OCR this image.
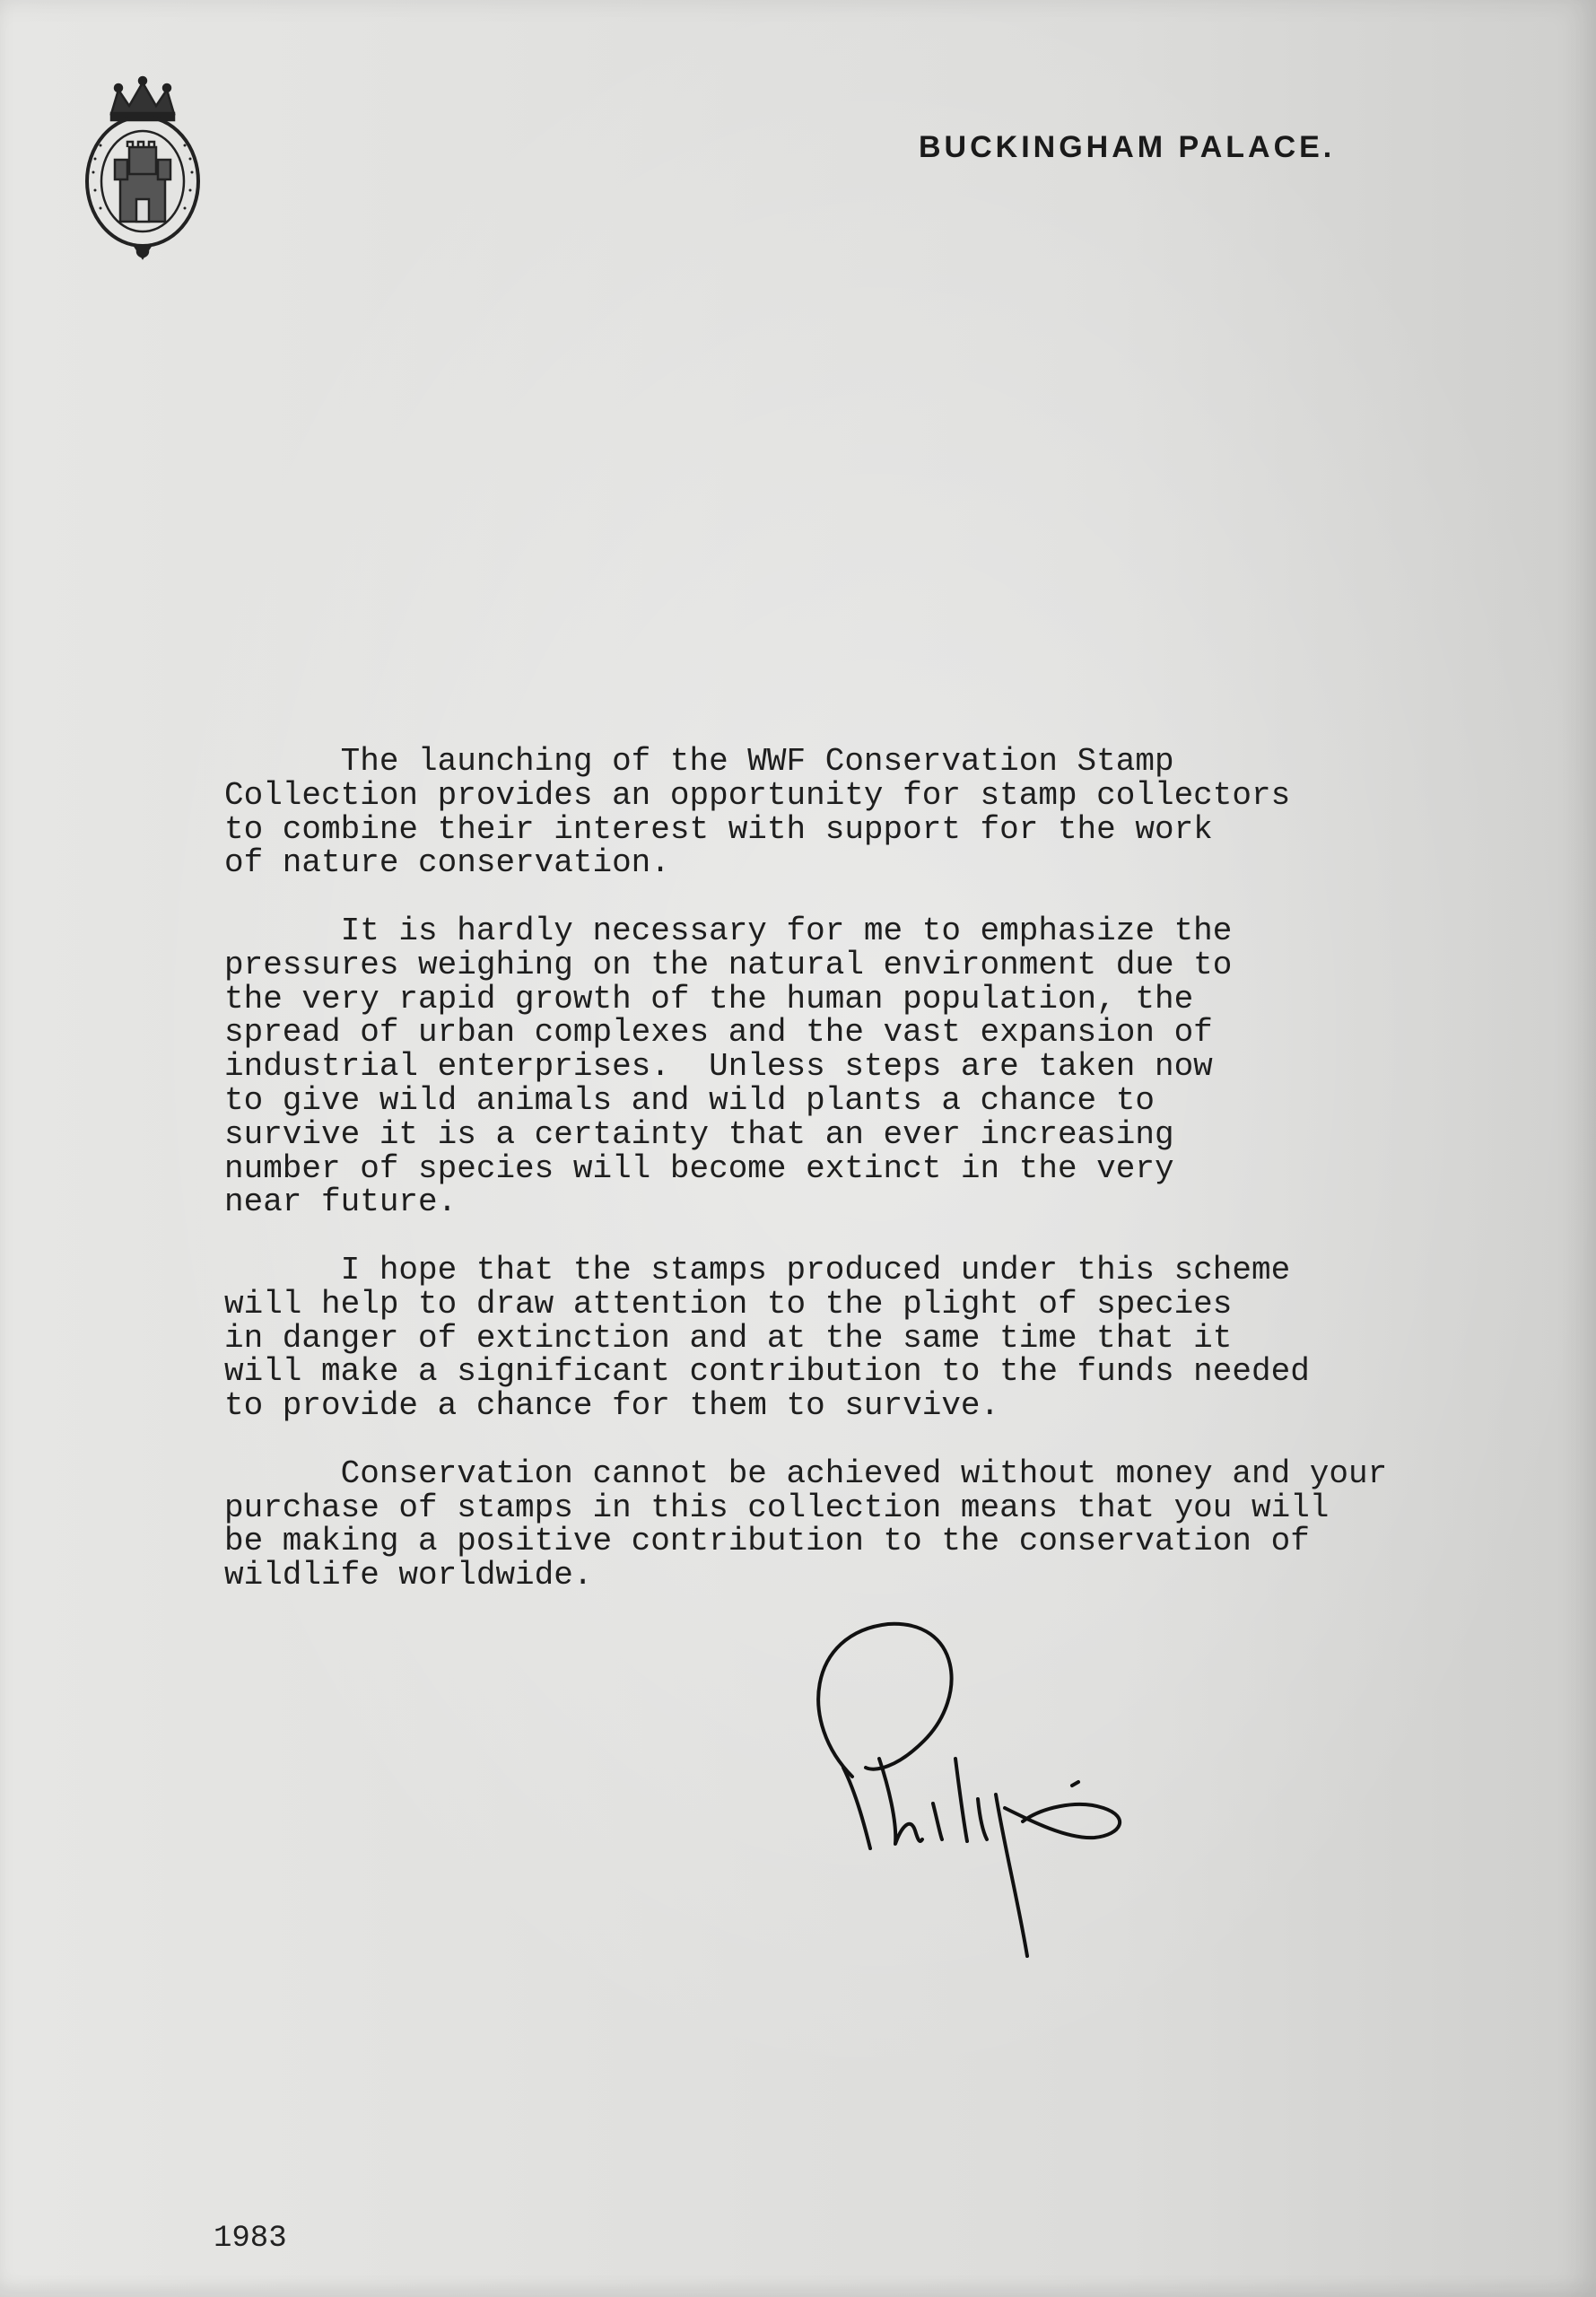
BUCKINGHAM PALACE.

The launching of the WWF Conservation Stamp
Collection provides an opportunity for stamp collectors
to combine their interest with support for the work
of nature conservation.

It is hardly necessary for me to emphasize the
pressures weighing on the natural environment due to
the very rapid growth of the human population, the
spread of urban complexes and the vast expansion of
industrial enterprises.  Unless steps are taken now
to give wild animals and wild plants a chance to
survive it is a certainty that an ever increasing
number of species will become extinct in the very
near future.

I hope that the stamps produced under this scheme
will help to draw attention to the plight of species
in danger of extinction and at the same time that it
will make a significant contribution to the funds needed
to provide a chance for them to survive.

Conservation cannot be achieved without money and your
purchase of stamps in this collection means that you will
be making a positive contribution to the conservation of
wildlife worldwide.

1983
